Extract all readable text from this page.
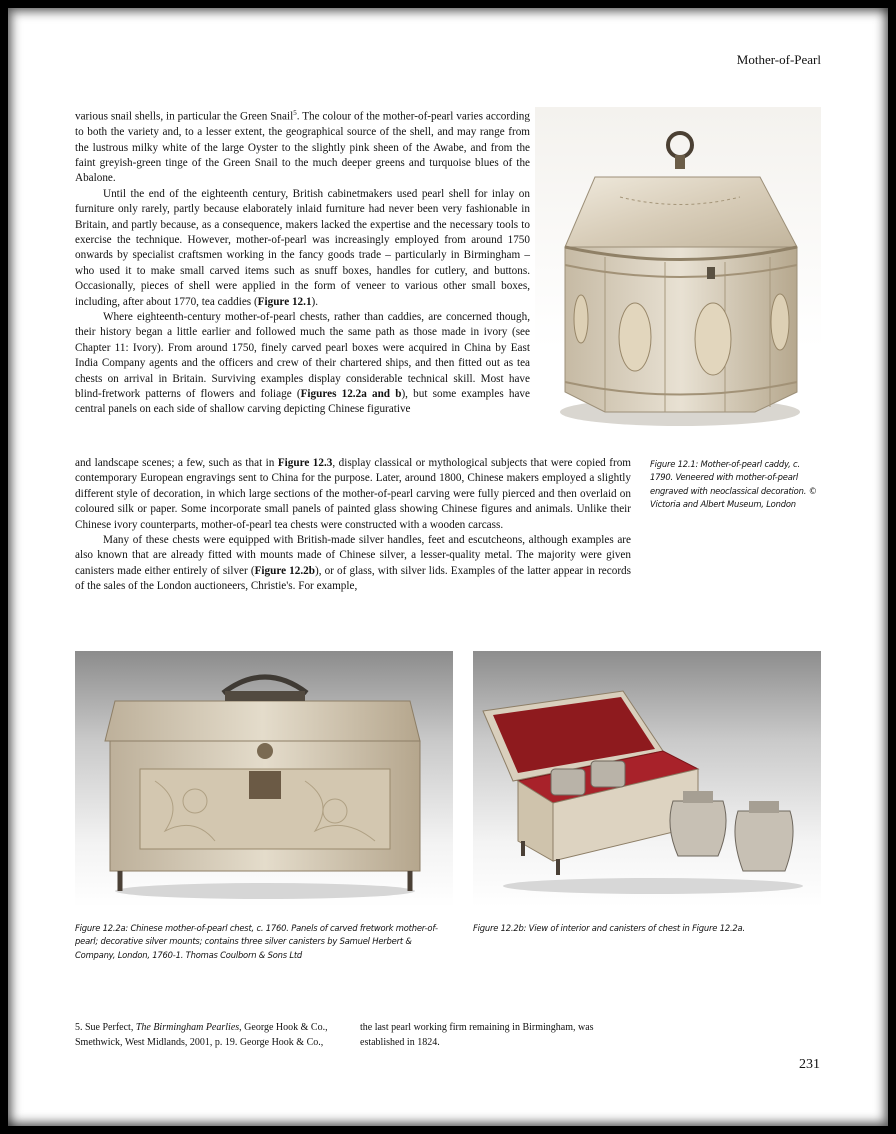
Mother-of-Pearl

various snail shells, in particular the Green Snail$^5$. The colour of the mother-of-pearl varies according to both the variety and, to a lesser extent, the geographical source of the shell, and may range from the lustrous milky white of the large Oyster to the slightly pink sheen of the Awabe, and from the faint greyish-green tinge of the Green Snail to the much deeper greens and turquoise blues of the Abalone.

Until the end of the eighteenth century, British cabinetmakers used pearl shell for inlay on furniture only rarely, partly because elaborately inlaid furniture had never been very fashionable in Britain, and partly because, as a consequence, makers lacked the expertise and the necessary tools to exercise the technique. However, mother-of-pearl was increasingly employed from around 1750 onwards by specialist craftsmen working in the fancy goods trade – particularly in Birmingham – who used it to make small carved items such as snuff boxes, handles for cutlery, and buttons. Occasionally, pieces of shell were applied in the form of veneer to various other small boxes, including, after about 1770, tea caddies (Figure 12.1).

Where eighteenth-century mother-of-pearl chests, rather than caddies, are concerned though, their history began a little earlier and followed much the same path as those made in ivory (see Chapter 11: Ivory). From around 1750, finely carved pearl boxes were acquired in China by East India Company agents and the officers and crew of their chartered ships, and then fitted out as tea chests on arrival in Britain. Surviving examples display considerable technical skill. Most have blind-fretwork patterns of flowers and foliage (Figures 12.2a and b), but some examples have central panels on each side of shallow carving depicting Chinese figurative

and landscape scenes; a few, such as that in Figure 12.3, display classical or mythological subjects that were copied from contemporary European engravings sent to China for the purpose. Later, around 1800, Chinese makers employed a slightly different style of decoration, in which large sections of the mother-of-pearl carving were fully pierced and then overlaid on coloured silk or paper. Some incorporate small panels of painted glass showing Chinese figures and animals. Unlike their Chinese ivory counterparts, mother-of-pearl tea chests were constructed with a wooden carcass.

Many of these chests were equipped with British-made silver handles, feet and escutcheons, although examples are also known that are already fitted with mounts made of Chinese silver, a lesser-quality metal. The majority were given canisters made either entirely of silver (Figure 12.2b), or of glass, with silver lids. Examples of the latter appear in records of the sales of the London auctioneers, Christie's. For example,

Figure 12.1: Mother-of-pearl caddy, c. 1790. Veneered with mother-of-pearl engraved with neoclassical decoration. © Victoria and Albert Museum, London
Figure 12.2a: Chinese mother-of-pearl chest, c. 1760. Panels of carved fretwork mother-of-pearl; decorative silver mounts; contains three silver canisters by Samuel Herbert & Company, London, 1760-1. Thomas Coulborn & Sons Ltd
Figure 12.2b: View of interior and canisters of chest in Figure 12.2a.
5. Sue Perfect, The Birmingham Pearlies, George Hook & Co., Smethwick, West Midlands, 2001, p. 19. George Hook & Co.,
the last pearl working firm remaining in Birmingham, was established in 1824.
231
